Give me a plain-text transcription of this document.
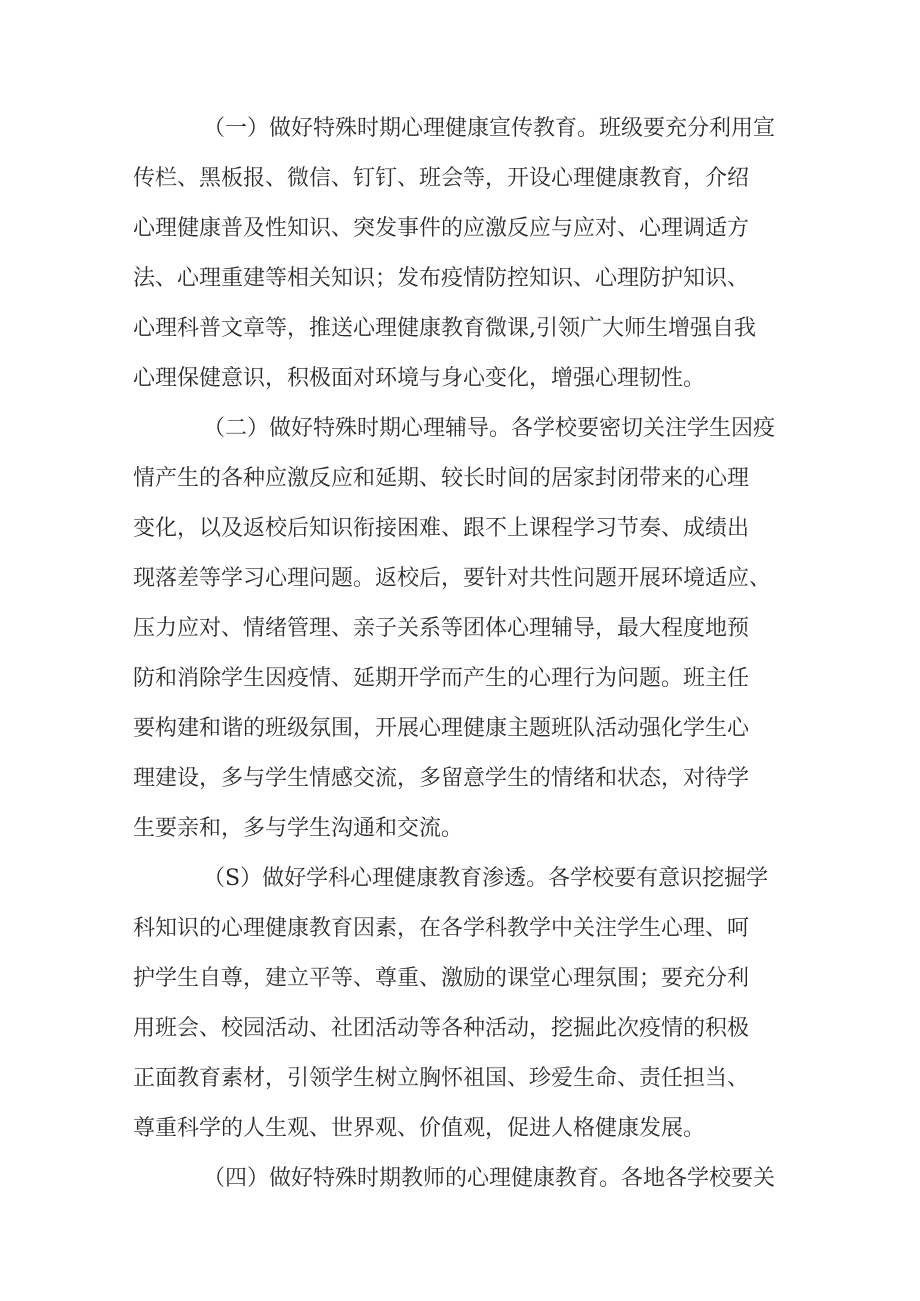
（一）做好特殊时期心理健康宣传教育。班级要充分利用宣
传栏、黑板报、微信、钉钉、班会等，开设心理健康教育，介绍
心理健康普及性知识、突发事件的应激反应与应对、心理调适方
法、心理重建等相关知识；发布疫情防控知识、心理防护知识、
心理科普文章等，推送心理健康教育微课,引领广大师生增强自我
心理保健意识，积极面对环境与身心变化，增强心理韧性。
（二）做好特殊时期心理辅导。各学校要密切关注学生因疫
情产生的各种应激反应和延期、较长时间的居家封闭带来的心理
变化，以及返校后知识衔接困难、跟不上课程学习节奏、成绩出
现落差等学习心理问题。返校后，要针对共性问题开展环境适应、
压力应对、情绪管理、亲子关系等团体心理辅导，最大程度地预
防和消除学生因疫情、延期开学而产生的心理行为问题。班主任
要构建和谐的班级氛围，开展心理健康主题班队活动强化学生心
理建设，多与学生情感交流，多留意学生的情绪和状态，对待学
生要亲和，多与学生沟通和交流。
（S）做好学科心理健康教育渗透。各学校要有意识挖掘学
科知识的心理健康教育因素，在各学科教学中关注学生心理、呵
护学生自尊，建立平等、尊重、激励的课堂心理氛围；要充分利
用班会、校园活动、社团活动等各种活动，挖掘此次疫情的积极
正面教育素材，引领学生树立胸怀祖国、珍爱生命、责任担当、
尊重科学的人生观、世界观、价值观，促进人格健康发展。
（四）做好特殊时期教师的心理健康教育。各地各学校要关
